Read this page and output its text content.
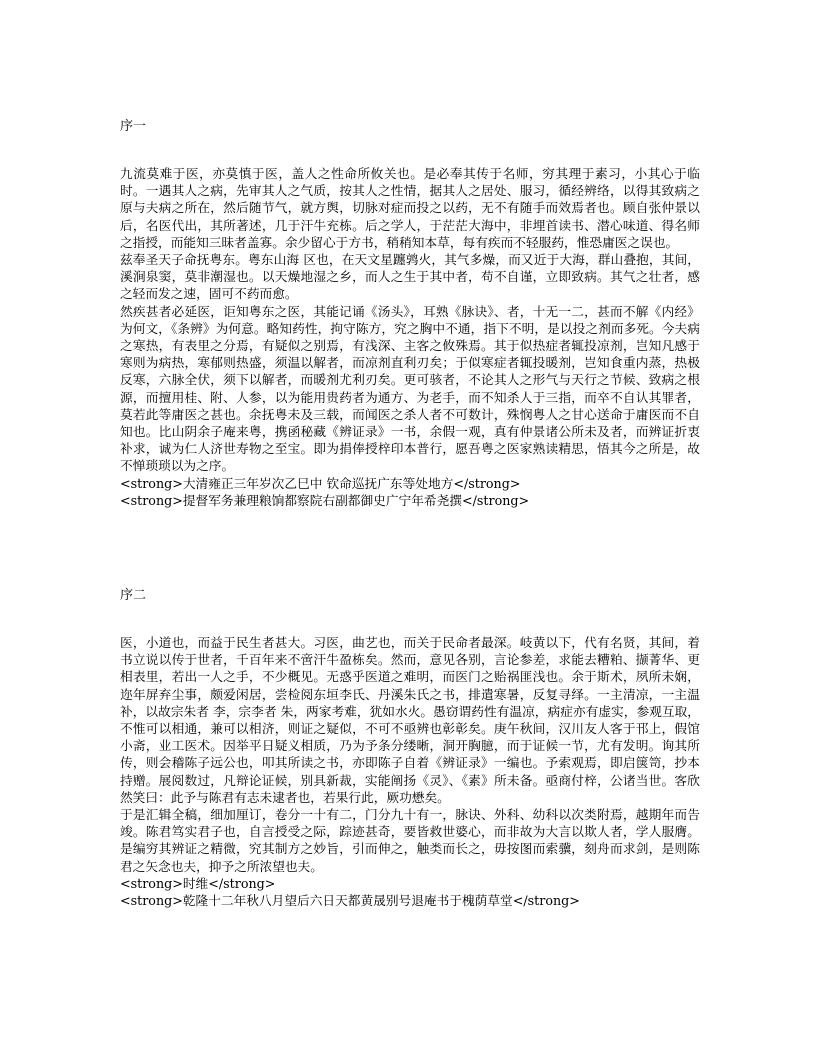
序一

九流莫难于医，亦莫慎于医，盖人之性命所攸关也。是必奉其传于名师，穷其理于素习，小其心于临时。一遇其人之病，先审其人之气质，按其人之性情，据其人之居处、服习，循经辨络，以得其致病之原与夫病之所在，然后随节气，就方舆，切脉对症而投之以药，无不有随手而效焉者也。顾自张仲景以后，名医代出，其所著述，几于汗牛充栋。后之学人，于茫茫大海中，非埋首读书、潜心味道、得名师之指授，而能知三昧者盖寡。余少留心于方书，稍稍知本草，每有疾而不轻服药，惟恐庸医之误也。

兹奉圣天子命抚粤东。粤东山海 区也，在天文星躔鹑火，其气多燥，而又近于大海，群山叠抱，其间，溪涧泉窦，莫非潮湿也。以天燥地湿之乡，而人之生于其中者，苟不自谨，立即致病。其气之壮者，感之轻而发之速，固可不药而愈。

然疾甚者必延医，讵知粤东之医，其能记诵《汤头》，耳熟《脉诀》、者，十无一二，甚而不解《内经》为何文，《条辨》为何意。略知药性，拘守陈方，究之胸中不通，指下不明，是以投之剂而多死。今夫病之寒热，有表里之分焉，有疑似之别焉，有浅深、主客之攸殊焉。其于似热症者辄投凉剂，岂知凡感于寒则为病热，寒郁则热盛，须温以解者，而凉剂直利刃矣；于似寒症者辄投暖剂，岂知食重内蒸，热极反寒，六脉全伏，须下以解者，而暖剂尤利刃矣。更可骇者，不论其人之形气与天行之节候、致病之根源，而擅用桂、附、人参，以为能用贵药者为通方、为老手，而不知杀人于三指，而卒不自认其罪者，莫若此等庸医之甚也。余抚粤未及三载，而闻医之杀人者不可数计，殊悯粤人之甘心送命于庸医而不自知也。比山阴余子庵来粤，携函秘藏《辨证录》一书，余假一观，真有仲景诸公所未及者，而辨证折衷补求，诚为仁人济世寿物之至宝。即为捐俸授梓印本普行，愿吾粤之医家熟读精思，悟其今之所是，故不惮琐琐以为之序。

<strong>大清雍正三年岁次乙巳中 钦命巡抚广东等处地方</strong>

<strong>提督军务兼理粮饷都察院右副都御史广宁年希尧撰</strong>

序二

医，小道也，而益于民生者甚大。习医，曲艺也，而关于民命者最深。岐黄以下，代有名贤，其间，着书立说以传于世者，千百年来不啻汗牛盈栋矣。然而，意见各别，言论参差，求能去糟粕、撷菁华、更相表里，若出一人之手，不少概见。无惑乎医道之难明，而医门之贻祸匪浅也。余于斯术，夙所未娴，迩年屏弃尘事，颇爱闲居，尝检阅东垣李氏、丹溪朱氏之书，排遣寒暑，反复寻绎。一主清凉，一主温补，以故宗朱者 李，宗李者 朱，两家考难，犹如水火。愚窃谓药性有温凉，病症亦有虚实，参观互取，不惟可以相通，兼可以相济，则证之疑似，不可不亟辨也彰彰矣。庚午秋间，汉川友人客于邗上，假馆小斋，业工医术。因举平日疑义相质，乃为予条分缕晰，洞开胸臆，而于证候一节，尤有发明。询其所传，则会稽陈子远公也，叩其所读之书，亦即陈子自着《辨证录》一编也。予索观焉，即启箧笥，抄本持赠。展阅数过，凡辩论证候，别具新裁，实能阐扬《灵》、《素》所未备。亟商付梓，公诸当世。客欣然笑曰：此予与陈君有志未逮者也，若果行此，厥功懋矣。

于是汇辑全稿，细加厘订，卷分一十有二，门分九十有一，脉诀、外科、幼科以次类附焉，越期年而告竣。陈君笃实君子也，自言授受之际，踪迹甚奇，要皆救世婆心，而非故为大言以欺人者，学人服膺。是编穷其辨证之精微，究其制方之妙旨，引而伸之，触类而长之，毋按图而索骥，刻舟而求剑，是则陈君之矢念也夫，抑予之所浓望也夫。

<strong>时维</strong>

<strong>乾隆十二年秋八月望后六日天都黄晟别号退庵书于槐荫草堂</strong>
